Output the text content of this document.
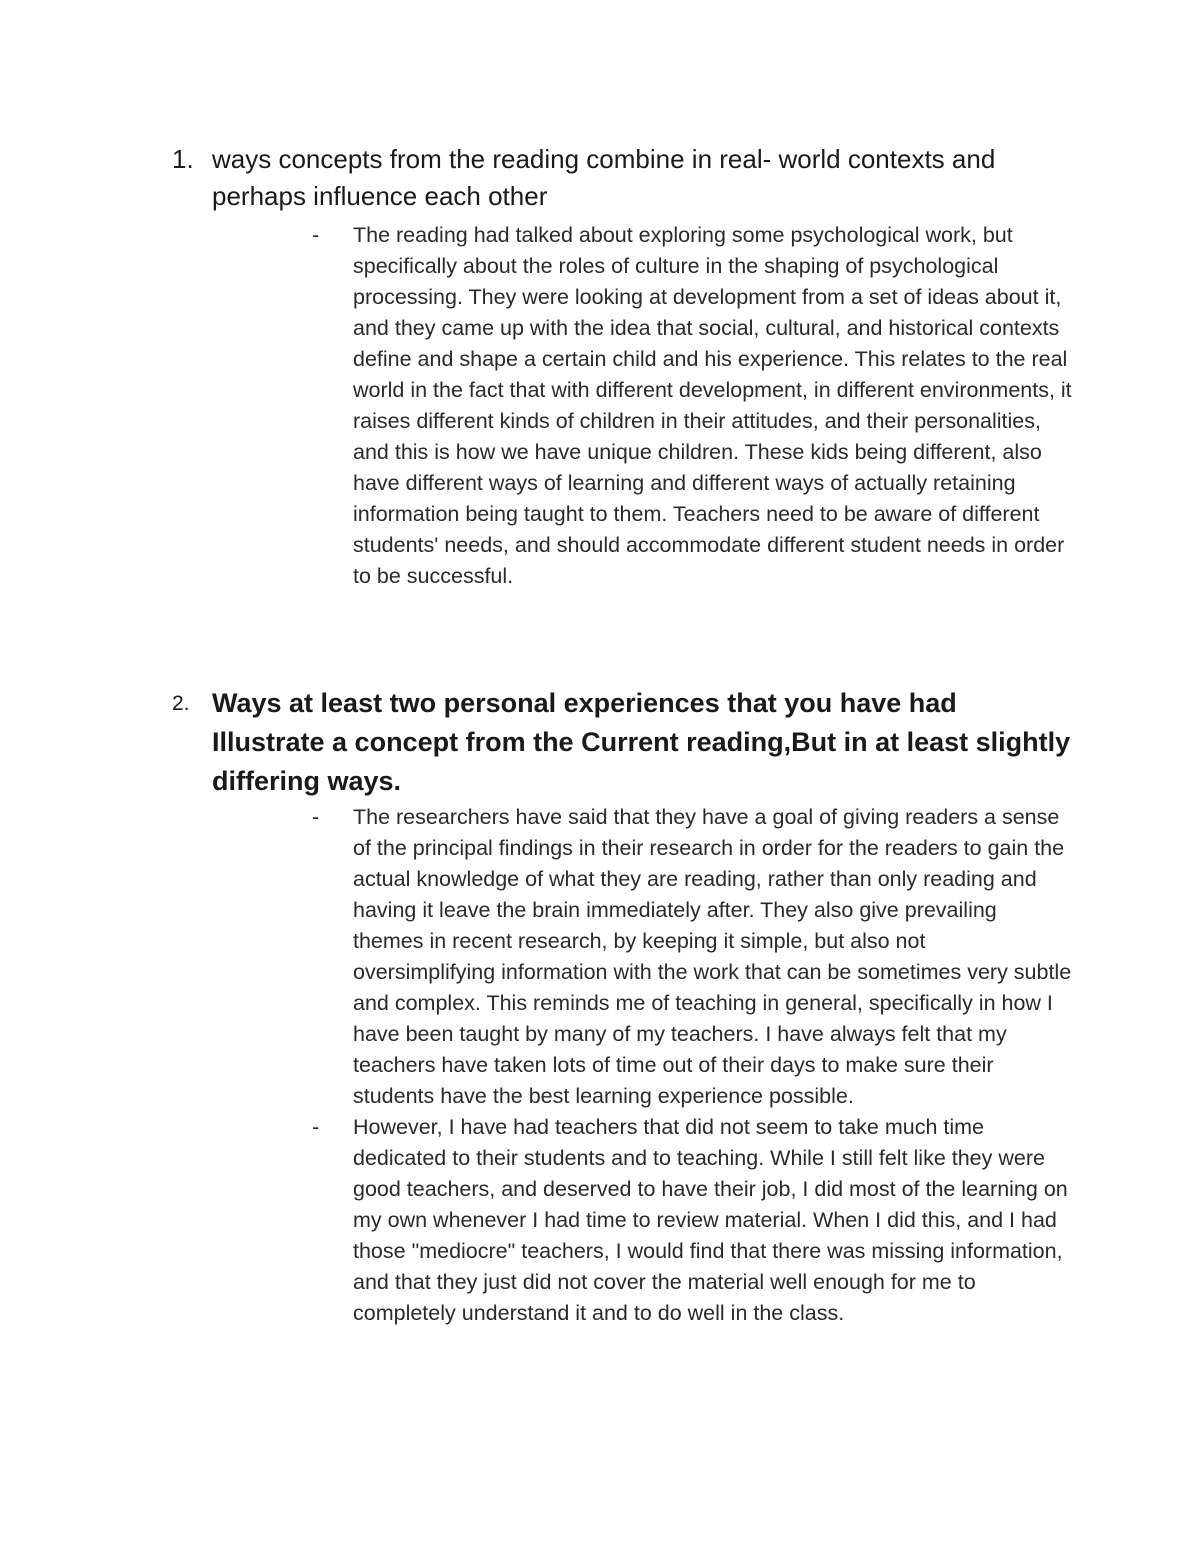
1. ways concepts from the reading combine in real- world contexts and perhaps influence each other
- The reading had talked about exploring some psychological work, but specifically about the roles of culture in the shaping of psychological processing. They were looking at development from a set of ideas about it, and they came up with the idea that social, cultural, and historical contexts define and shape a certain child and his experience. This relates to the real world in the fact that with different development, in different environments, it raises different kinds of children in their attitudes, and their personalities, and this is how we have unique children. These kids being different, also have different ways of learning and different ways of actually retaining information being taught to them. Teachers need to be aware of different students' needs, and should accommodate different student needs in order to be successful.
2. Ways at least two personal experiences that you have had Illustrate a concept from the Current reading,But in at least slightly differing ways.
- The researchers have said that they have a goal of giving readers a sense of the principal findings in their research in order for the readers to gain the actual knowledge of what they are reading, rather than only reading and having it leave the brain immediately after. They also give prevailing themes in recent research, by keeping it simple, but also not oversimplifying information with the work that can be sometimes very subtle and complex. This reminds me of teaching in general, specifically in how I have been taught by many of my teachers. I have always felt that my teachers have taken lots of time out of their days to make sure their students have the best learning experience possible.
- However, I have had teachers that did not seem to take much time dedicated to their students and to teaching. While I still felt like they were good teachers, and deserved to have their job, I did most of the learning on my own whenever I had time to review material. When I did this, and I had those "mediocre" teachers, I would find that there was missing information, and that they just did not cover the material well enough for me to completely understand it and to do well in the class.
